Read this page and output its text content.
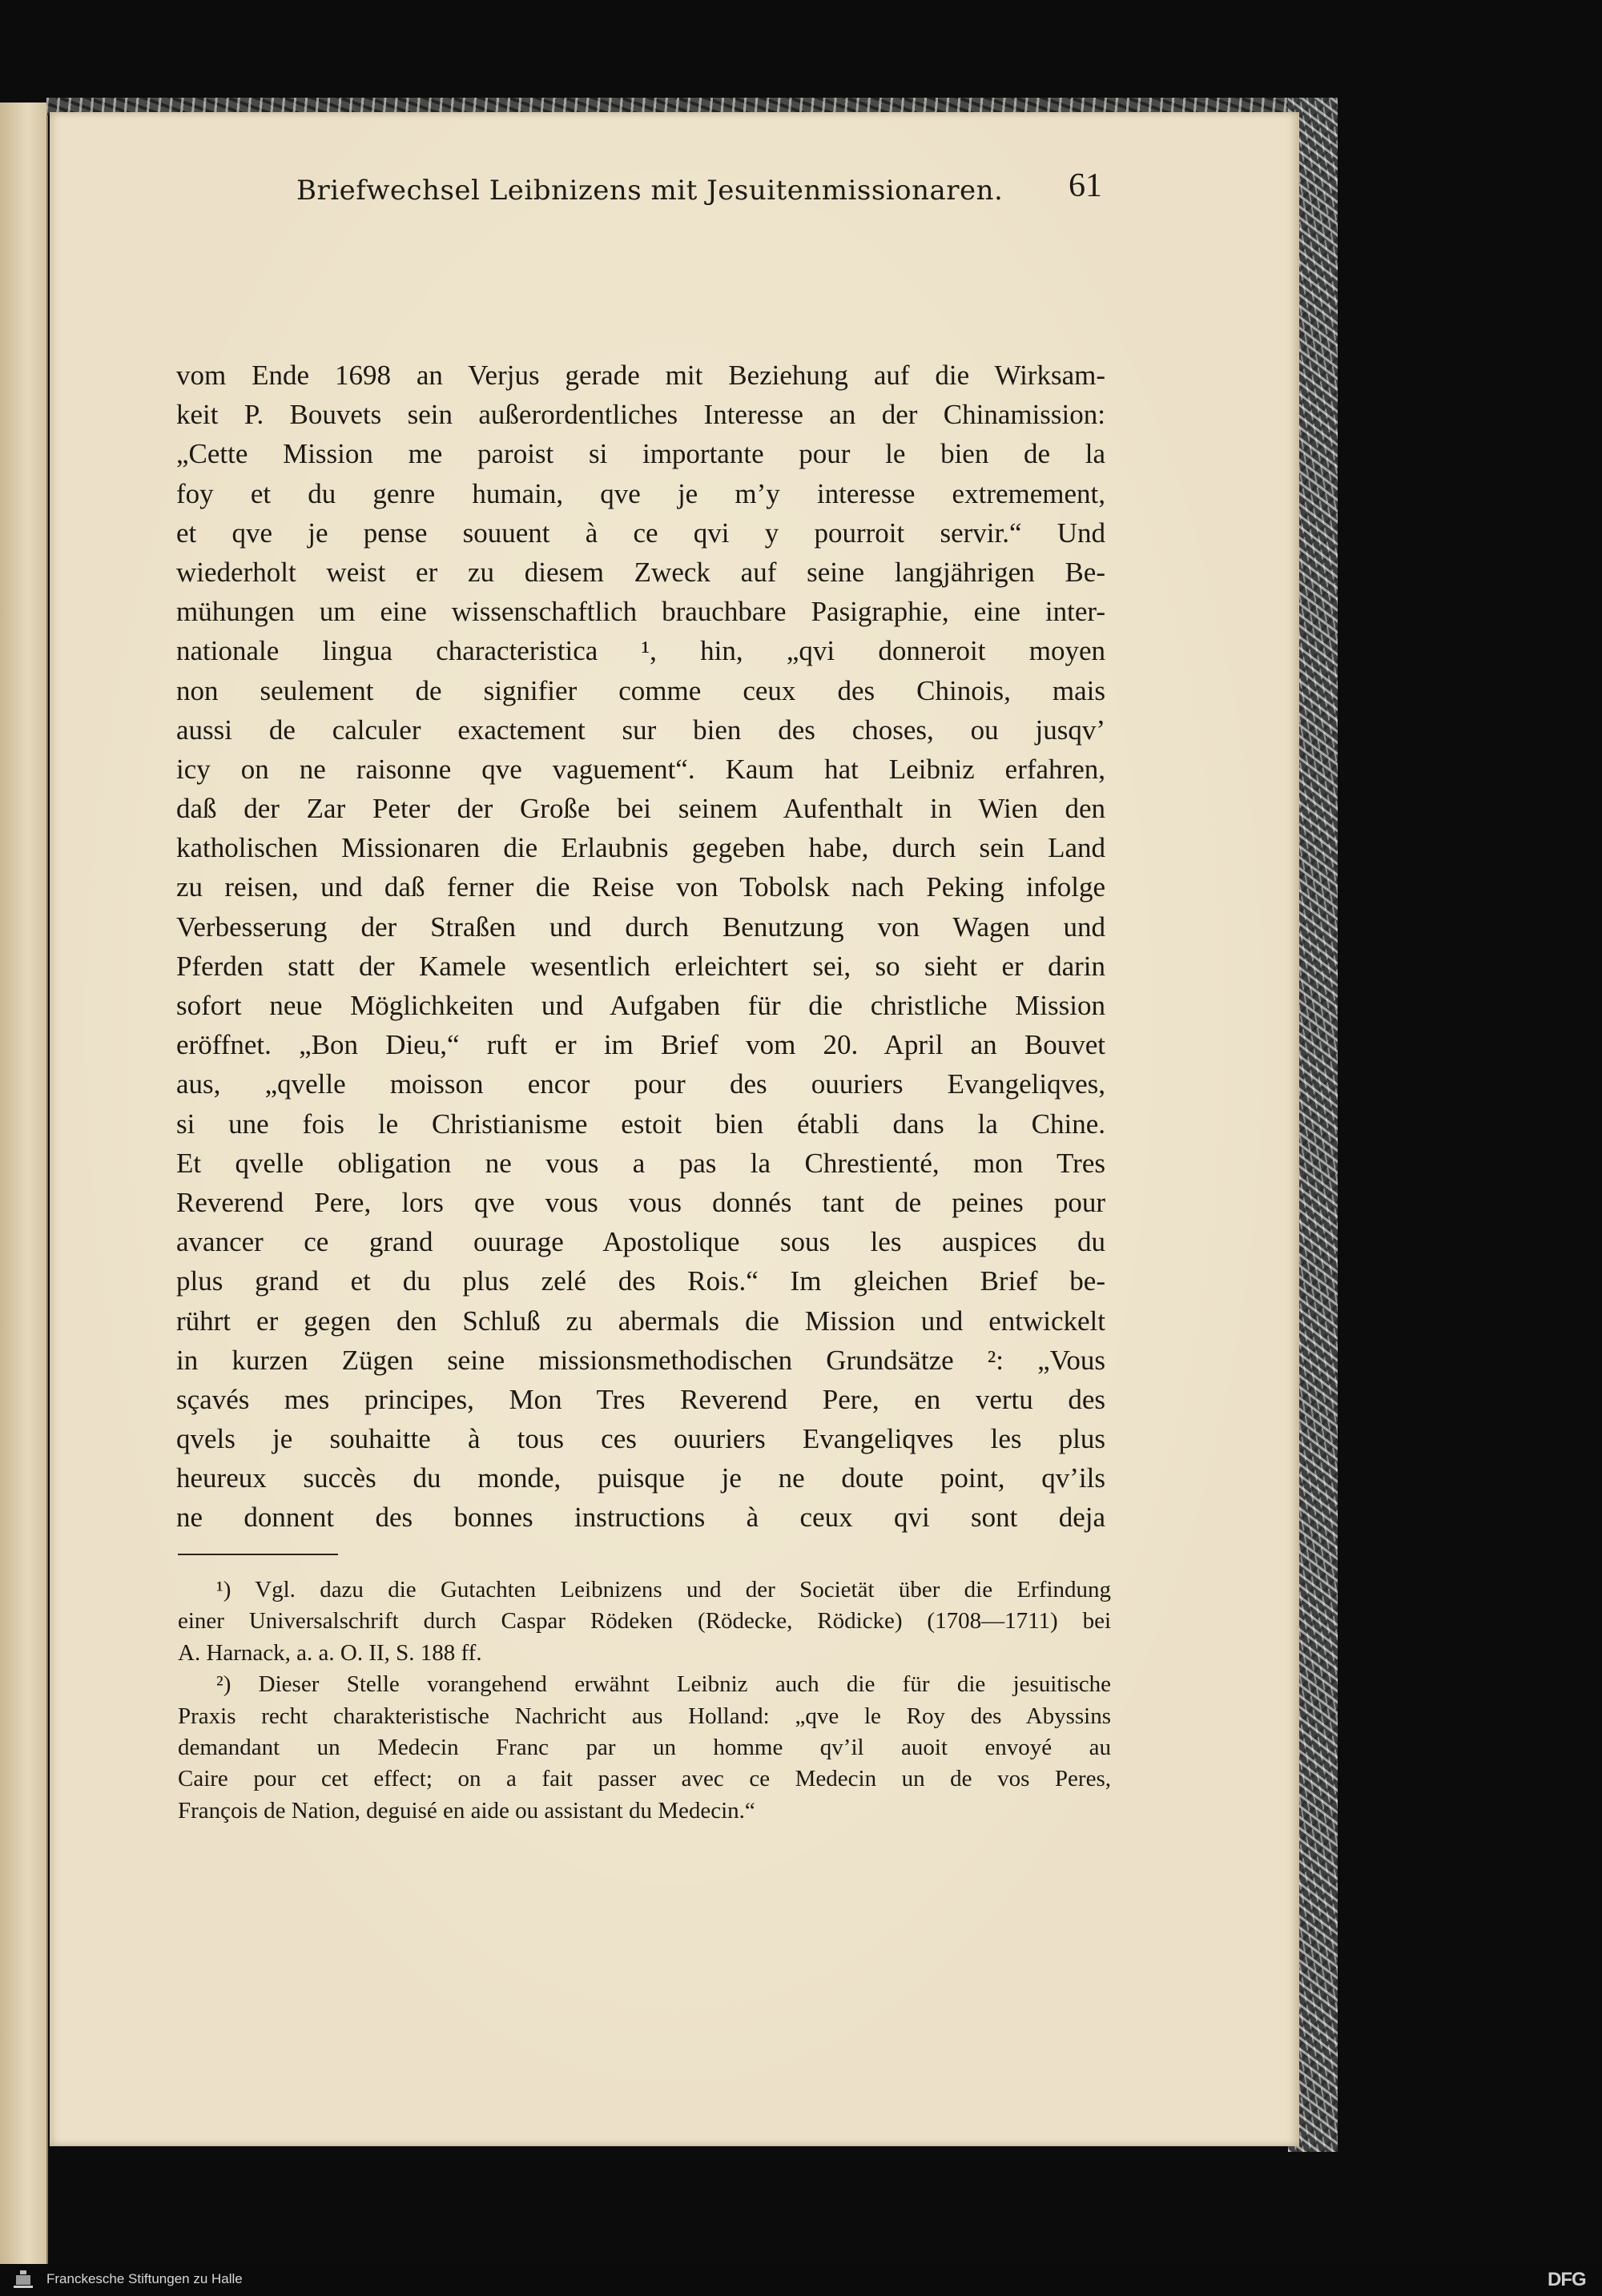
Briefwechsel Leibnizens mit Jesuitenmissionaren.	61
vom Ende 1698 an Verjus gerade mit Beziehung auf die Wirksam-
keit P. Bouvets sein außerordentliches Interesse an der Chinamission:
„Cette Mission me paroist si importante pour le bien de la
foy et du genre humain, qve je m’y interesse extremement,
et qve je pense souuent à ce qvi y pourroit servir.“ Und
wiederholt weist er zu diesem Zweck auf seine langjährigen Be-
mühungen um eine wissenschaftlich brauchbare Pasigraphie, eine inter-
nationale lingua characteristica ¹, hin, „qvi donneroit moyen
non seulement de signifier comme ceux des Chinois, mais
aussi de calculer exactement sur bien des choses, ou jusqv’
icy on ne raisonne qve vaguement“. Kaum hat Leibniz erfahren,
daß der Zar Peter der Große bei seinem Aufenthalt in Wien den
katholischen Missionaren die Erlaubnis gegeben habe, durch sein Land
zu reisen, und daß ferner die Reise von Tobolsk nach Peking infolge
Verbesserung der Straßen und durch Benutzung von Wagen und
Pferden statt der Kamele wesentlich erleichtert sei, so sieht er darin
sofort neue Möglichkeiten und Aufgaben für die christliche Mission
eröffnet. „Bon Dieu,“ ruft er im Brief vom 20. April an Bouvet
aus, „qvelle moisson encor pour des ouuriers Evangeliqves,
si une fois le Christianisme estoit bien établi dans la Chine.
Et qvelle obligation ne vous a pas la Chrestienté, mon Tres
Reverend Pere, lors qve vous vous donnés tant de peines pour
avancer ce grand ouurage Apostolique sous les auspices du
plus grand et du plus zelé des Rois.“ Im gleichen Brief be-
rührt er gegen den Schluß zu abermals die Mission und entwickelt
in kurzen Zügen seine missionsmethodischen Grundsätze ²: „Vous
sçavés mes principes, Mon Tres Reverend Pere, en vertu des
qvels je souhaitte à tous ces ouuriers Evangeliqves les plus
heureux succès du monde, puisque je ne doute point, qv’ils
ne donnent des bonnes instructions à ceux qvi sont deja
¹) Vgl. dazu die Gutachten Leibnizens und der Societät über die Erfindung
einer Universalschrift durch Caspar Rödeken (Rödecke, Rödicke) (1708—1711) bei
A. Harnack, a. a. O. II, S. 188 ff.
²) Dieser Stelle vorangehend erwähnt Leibniz auch die für die jesuitische
Praxis recht charakteristische Nachricht aus Holland: „qve le Roy des Abyssins
demandant un Medecin Franc par un homme qv’il auoit envoyé au
Caire pour cet effect; on a fait passer avec ce Medecin un de vos Peres,
François de Nation, deguisé en aide ou assistant du Medecin.“
Franckesche Stiftungen zu Halle	DFG
